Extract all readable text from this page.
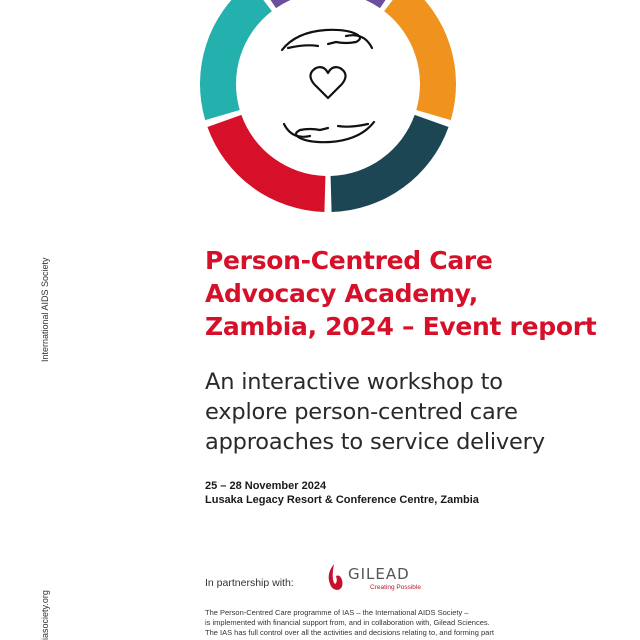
International AIDS Society
iasociety.org
Person-Centred Care
Advocacy Academy,
Zambia, 2024 – Event report
An interactive workshop to
explore person-centred care
approaches to service delivery
25 – 28 November 2024
Lusaka Legacy Resort & Conference Centre, Zambia
In partnership with:	GILEAD
Creating Possible
The Person-Centred Care programme of IAS – the International AIDS Society –
is implemented with financial support from, and in collaboration with, Gilead Sciences.
The IAS has full control over all the activities and decisions relating to, and forming part
